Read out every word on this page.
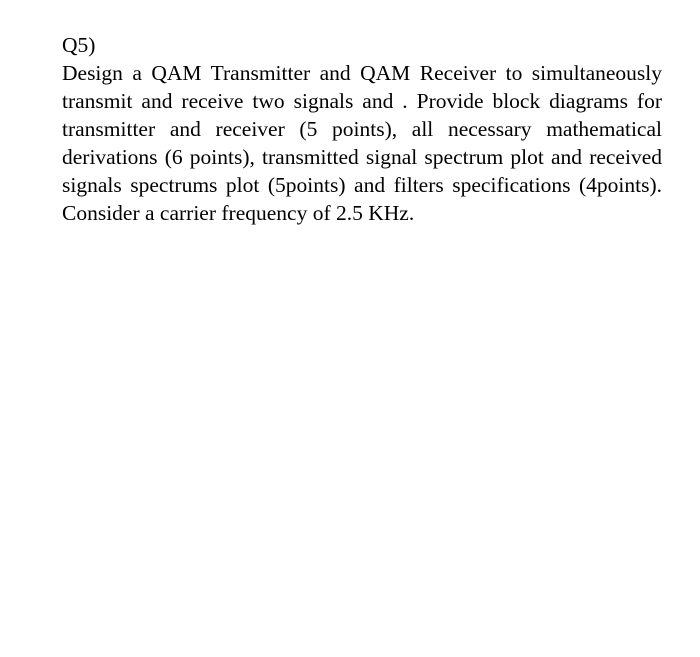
Q5)

Design a QAM Transmitter and QAM Receiver to simultaneously transmit and receive two signals and . Provide block diagrams for transmitter and receiver (5 points), all necessary mathematical derivations (6 points), transmitted signal spectrum plot and received signals spectrums plot (5points) and filters specifications (4points). Consider a carrier frequency of 2.5 KHz.
